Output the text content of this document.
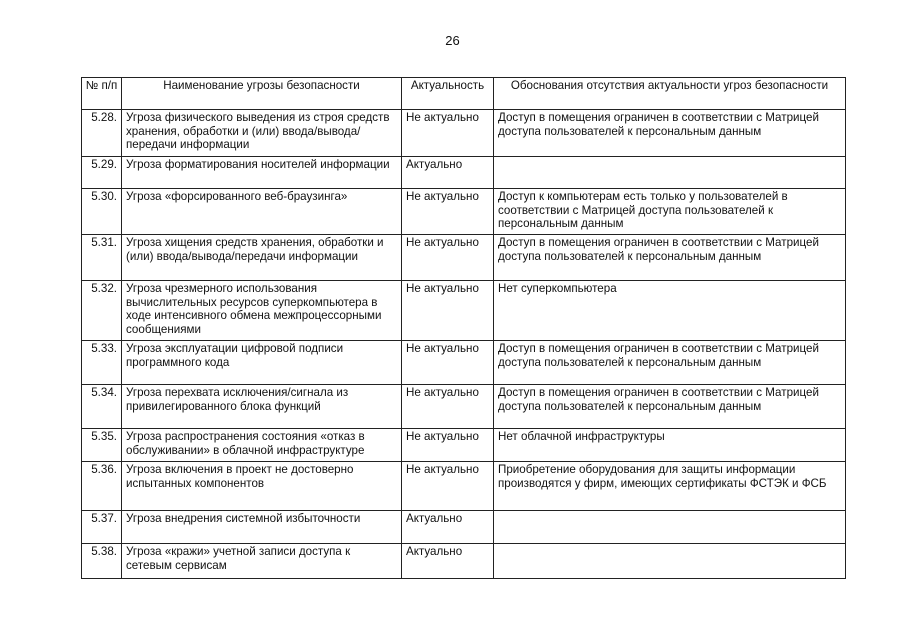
26
№ п/п	Наименование угрозы безопасности	Актуальность	Обоснования отсутствия актуальности угроз безопасности
5.28.	Угроза физического выведения из строя средств хранения, обработки и (или) ввода/вывода/передачи информации	Не актуально	Доступ в помещения ограничен в соответствии с Матрицей доступа пользователей к персональным данным
5.29.	Угроза форматирования носителей информации	Актуально	
5.30.	Угроза «форсированного веб-браузинга»	Не актуально	Доступ к компьютерам есть только у пользователей в соответствии с Матрицей доступа пользователей к персональным данным
5.31.	Угроза хищения средств хранения, обработки и (или) ввода/вывода/передачи информации	Не актуально	Доступ в помещения ограничен в соответствии с Матрицей доступа пользователей к персональным данным
5.32.	Угроза чрезмерного использования вычислительных ресурсов суперкомпьютера в ходе интенсивного обмена межпроцессорными сообщениями	Не актуально	Нет суперкомпьютера
5.33.	Угроза эксплуатации цифровой подписи программного кода	Не актуально	Доступ в помещения ограничен в соответствии с Матрицей доступа пользователей к персональным данным
5.34.	Угроза перехвата исключения/сигнала из привилегированного блока функций	Не актуально	Доступ в помещения ограничен в соответствии с Матрицей доступа пользователей к персональным данным
5.35.	Угроза распространения состояния «отказ в обслуживании» в облачной инфраструктуре	Не актуально	Нет облачной инфраструктуры
5.36.	Угроза включения в проект не достоверно испытанных компонентов	Не актуально	Приобретение оборудования для защиты информации производятся у фирм, имеющих сертификаты ФСТЭК и ФСБ
5.37.	Угроза внедрения системной избыточности	Актуально	
5.38.	Угроза «кражи» учетной записи доступа к сетевым сервисам	Актуально	
